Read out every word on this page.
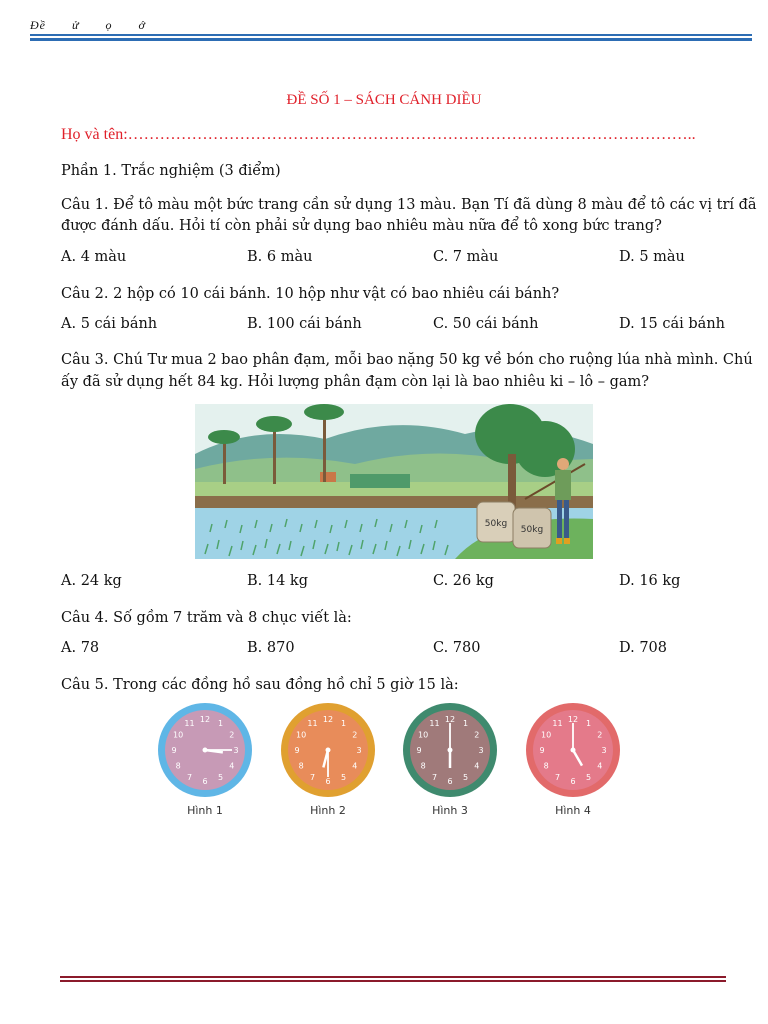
Đề ử ọ ớ
ĐỀ SỐ 1 – SÁCH CÁNH DIỀU
Họ và tên:……………………………………………………………………………………………..
Phần 1. Trắc nghiệm (3 điểm)
Câu 1. Để tô màu một bức trang cần sử dụng 13 màu. Bạn Tí đã dùng 8 màu để tô các vị trí đã
được đánh dấu. Hỏi tí còn phải sử dụng bao nhiêu màu nữa để tô xong bức trang?
A. 4 màu	B. 6 màu	C. 7 màu	D. 5 màu
Câu 2. 2 hộp có 10 cái bánh. 10 hộp như vật có bao nhiêu cái bánh?
A. 5 cái bánh	B. 100 cái bánh	C. 50 cái bánh	D. 15 cái bánh
Câu 3. Chú Tư mua 2 bao phân đạm, mỗi bao nặng 50 kg về bón cho ruộng lúa nhà mình. Chú
ấy đã sử dụng hết 84 kg. Hỏi lượng phân đạm còn lại là bao nhiêu ki – lô – gam?
50kg
50kg
A. 24 kg	B. 14 kg	C. 26 kg	D. 16 kg
Câu 4. Số gồm 7 trăm và 8 chục viết là:
A. 78	B. 870	C. 780	D. 708
Câu 5. Trong các đồng hồ sau đồng hồ chỉ 5 giờ 15 là:
12 1
2
3
4
5
6
7
8
9
10
11
Hình 1
12 1
2
3
4
5
6
7
8
9
10
11
Hình 2
12 1
2
3
4
5
6
7
8
9
10
11
Hình 3
12 1
2
3
4
5
6
7
8
9
10
11
Hình 4
